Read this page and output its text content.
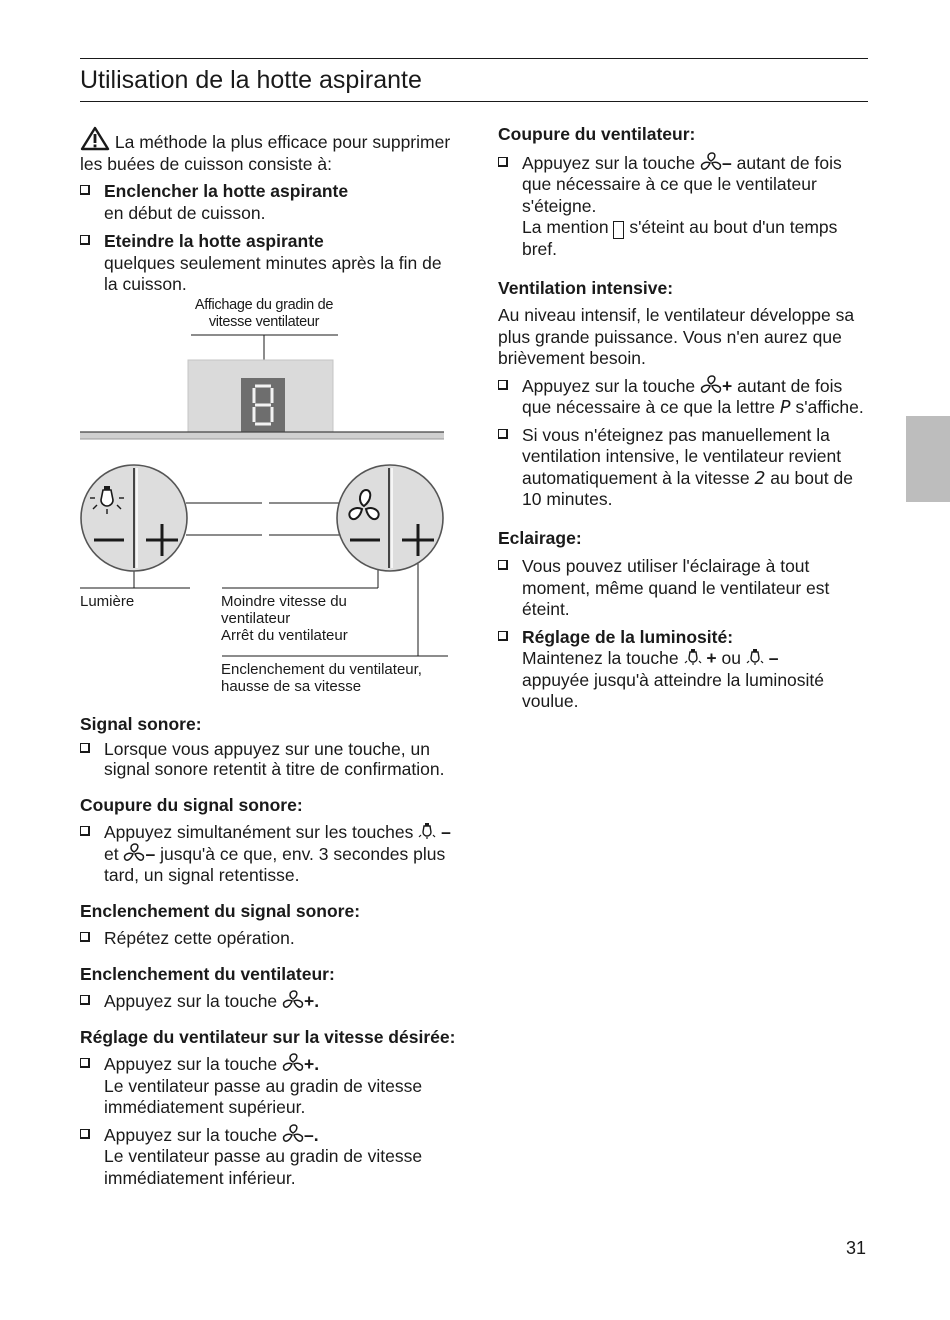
Utilisation de la hotte aspirante

La méthode la plus efficace pour supprimer les buées de cuisson consiste à:

Enclencher la hotte aspirante
en début de cuisson.
Eteindre la hotte aspirante
quelques seulement minutes après la fin de la cuisson.
Affichage du gradin de vitesse ventilateur
Lumière	Moindre vitesse du ventilateur
Arrêt du ventilateur
Enclenchement du ventilateur, hausse de sa vitesse

Signal sonore:

Lorsque vous appuyez sur une touche, un signal sonore retentit à titre de confirmation.

Coupure du signal sonore:

Appuyez simultanément sur les touches – et – jusqu'à ce que, env. 3 secondes plus tard, un signal retentisse.

Enclenchement du signal sonore:

Répétez cette opération.

Enclenchement du ventilateur:

Appuyez sur la touche +.

Réglage du ventilateur sur la vitesse désirée:

Appuyez sur la touche +.
Le ventilateur passe au gradin de vitesse immédiatement supérieur.
Appuyez sur la touche –.
Le ventilateur passe au gradin de vitesse immédiatement inférieur.

Coupure du ventilateur:

Appuyez sur la touche – autant de fois que nécessaire à ce que le ventilateur s'éteigne.
La mention s'éteint au bout d'un temps bref.

Ventilation intensive:

Au niveau intensif, le ventilateur développe sa plus grande puissance. Vous n'en aurez que brièvement besoin.

Appuyez sur la touche + autant de fois que nécessaire à ce que la lettre P s'affiche.
Si vous n'éteignez pas manuellement la ventilation intensive, le ventilateur revient automatiquement à la vitesse 2 au bout de 10 minutes.

Eclairage:

Vous pouvez utiliser l'éclairage à tout moment, même quand le ventilateur est éteint.
Réglage de la luminosité:
Maintenez la touche + ou –
appuyée jusqu'à atteindre la luminosité voulue.
31
